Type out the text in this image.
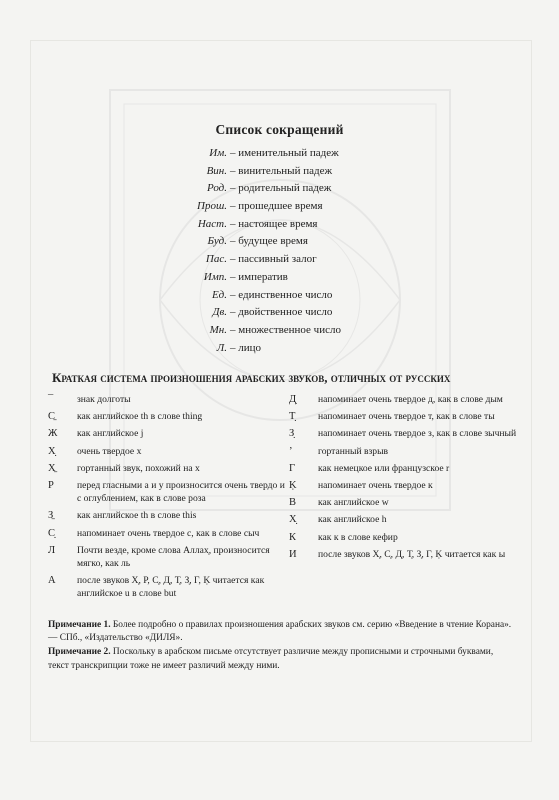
Список сокращений
Им. – именительный падеж
Вин. – винительный падеж
Род. – родительный падеж
Прош. – прошедшее время
Наст. – настоящее время
Буд. – будущее время
Пас. – пассивный залог
Имп. – императив
Ед. – единственное число
Дв. – двойственное число
Мн. – множественное число
Л. – лицо
Краткая система произношения арабских звуков, отличных от русских
¯	знак долготы
С̱	как английское th в слове thing
Ж	как английское j
Х̣	очень твердое х
Х̱	гортанный звук, похожий на х
Р	перед гласными а и у произносится очень твердо и с оглублением, как в слове роза
З̱	как английское th в слове this
С̣	напоминает очень твердое с, как в слове сыч
Л	Почти везде, кроме слова Аллах̣, произносится мягко, как ль
А	после звуков Х̣, Р, С̣, Д̣, Т̣, З̣, Г, Ḳ читается как английское u в слове but
Д̣	напоминает очень твердое д, как в слове дым
Т̣	напоминает очень твердое т, как в слове ты
З̣	напоминает очень твердое з, как в слове зычный
ʼ	гортанный взрыв
Г	как немецкое или французское r
Ḳ	напоминает очень твердое к
В	как английское w
Х̣	как английское h
К	как к в слове кефир
И	после звуков Х̣, С̣, Д̣, Т̣, З̣, Г, Ḳ читается как ы
Примечание 1. Более подробно о правилах произношения арабских звуков см. серию «Введение в чтение Корана». — СПб., «Издательство «ДИЛЯ».
Примечание 2. Поскольку в арабском письме отсутствует различие между прописными и строчными буквами, текст транскрипции тоже не имеет различий между ними.
